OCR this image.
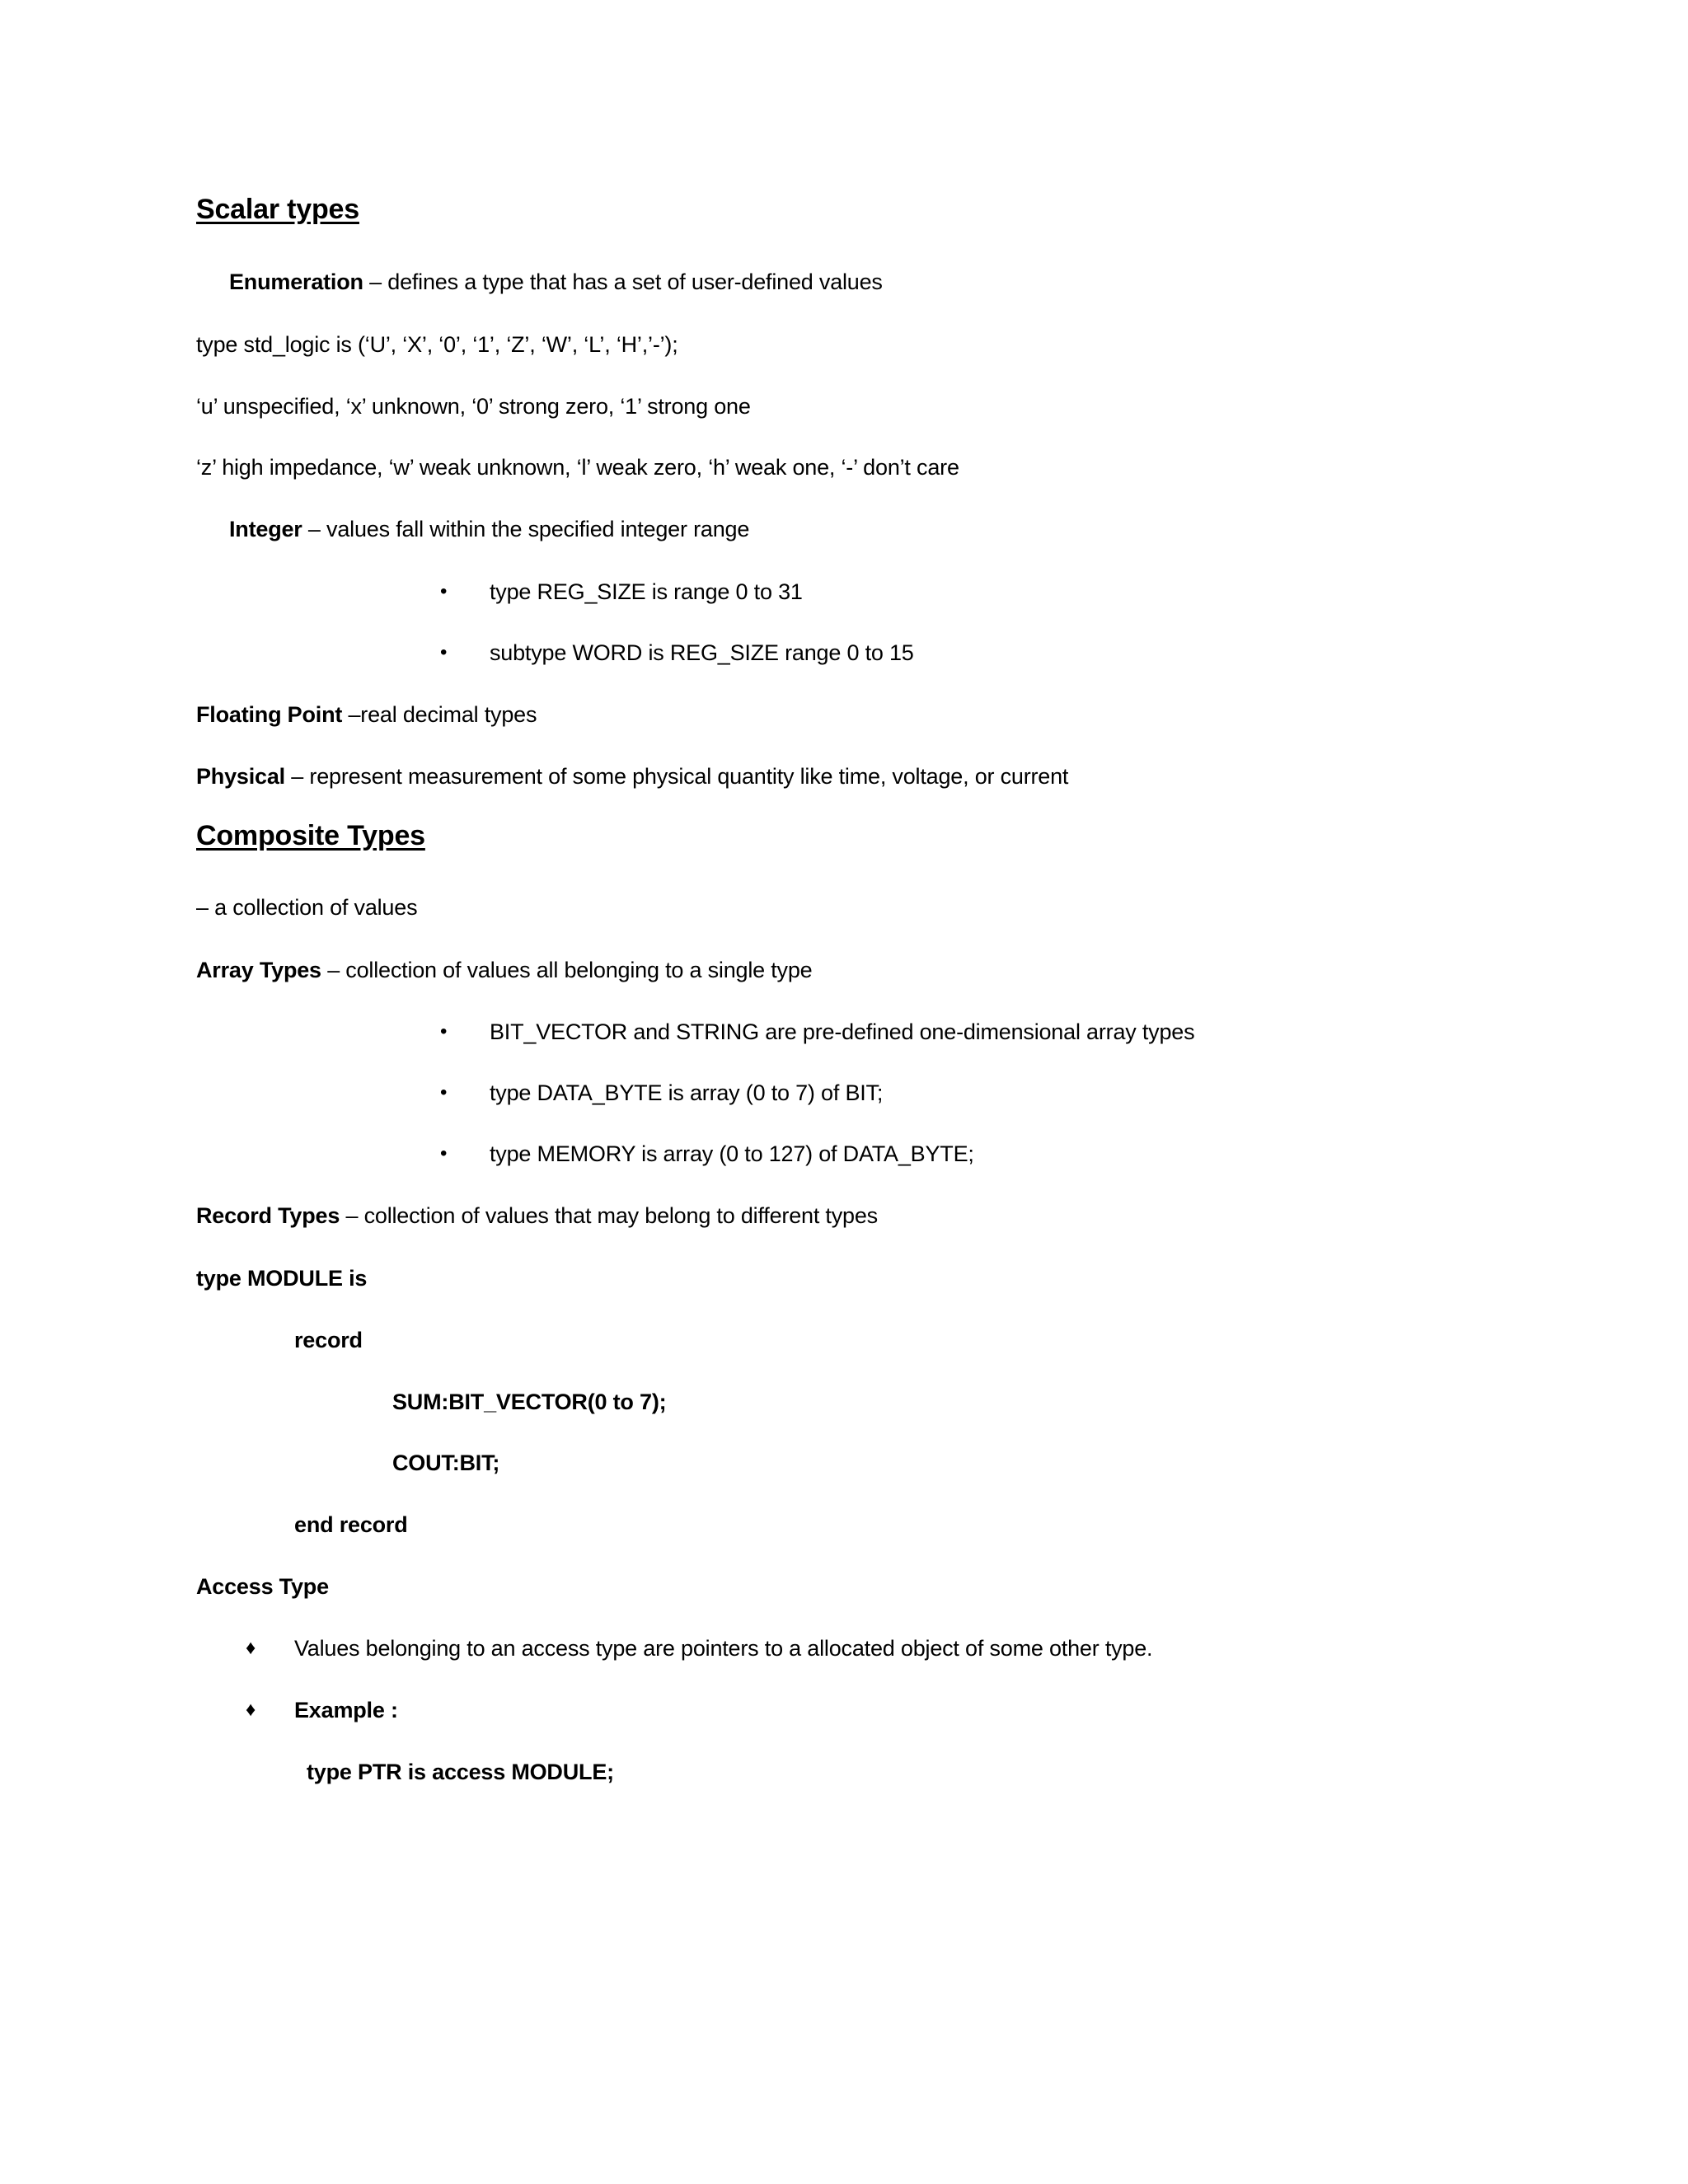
Scalar types
Enumeration – defines a type that has a set of user-defined values
type std_logic is (‘U’, ‘X’, ‘0’, ‘1’, ‘Z’, ‘W’, ‘L’, ‘H’,’-’);
‘u’ unspecified, ‘x’ unknown, ‘0’ strong zero, ‘1’ strong one
‘z’ high impedance, ‘w’ weak unknown, ‘l’ weak zero, ‘h’ weak one, ‘-’ don’t care
Integer – values fall within the specified integer range
• type REG_SIZE is range 0 to 31
• subtype WORD is REG_SIZE range 0 to 15
Floating Point –real decimal types
Physical – represent measurement of some physical quantity like time, voltage, or current
Composite Types
– a collection of values
Array Types – collection of values all belonging to a single type
• BIT_VECTOR and STRING are pre-defined one-dimensional array types
• type DATA_BYTE is array (0 to 7) of BIT;
• type MEMORY is array (0 to 127) of DATA_BYTE;
Record Types – collection of values that may belong to different types
type MODULE is
record
SUM:BIT_VECTOR(0 to 7);
COUT:BIT;
end record
Access Type
♦ Values belonging to an access type are pointers to a allocated object of some other type.
♦ Example :
type PTR is access MODULE;
